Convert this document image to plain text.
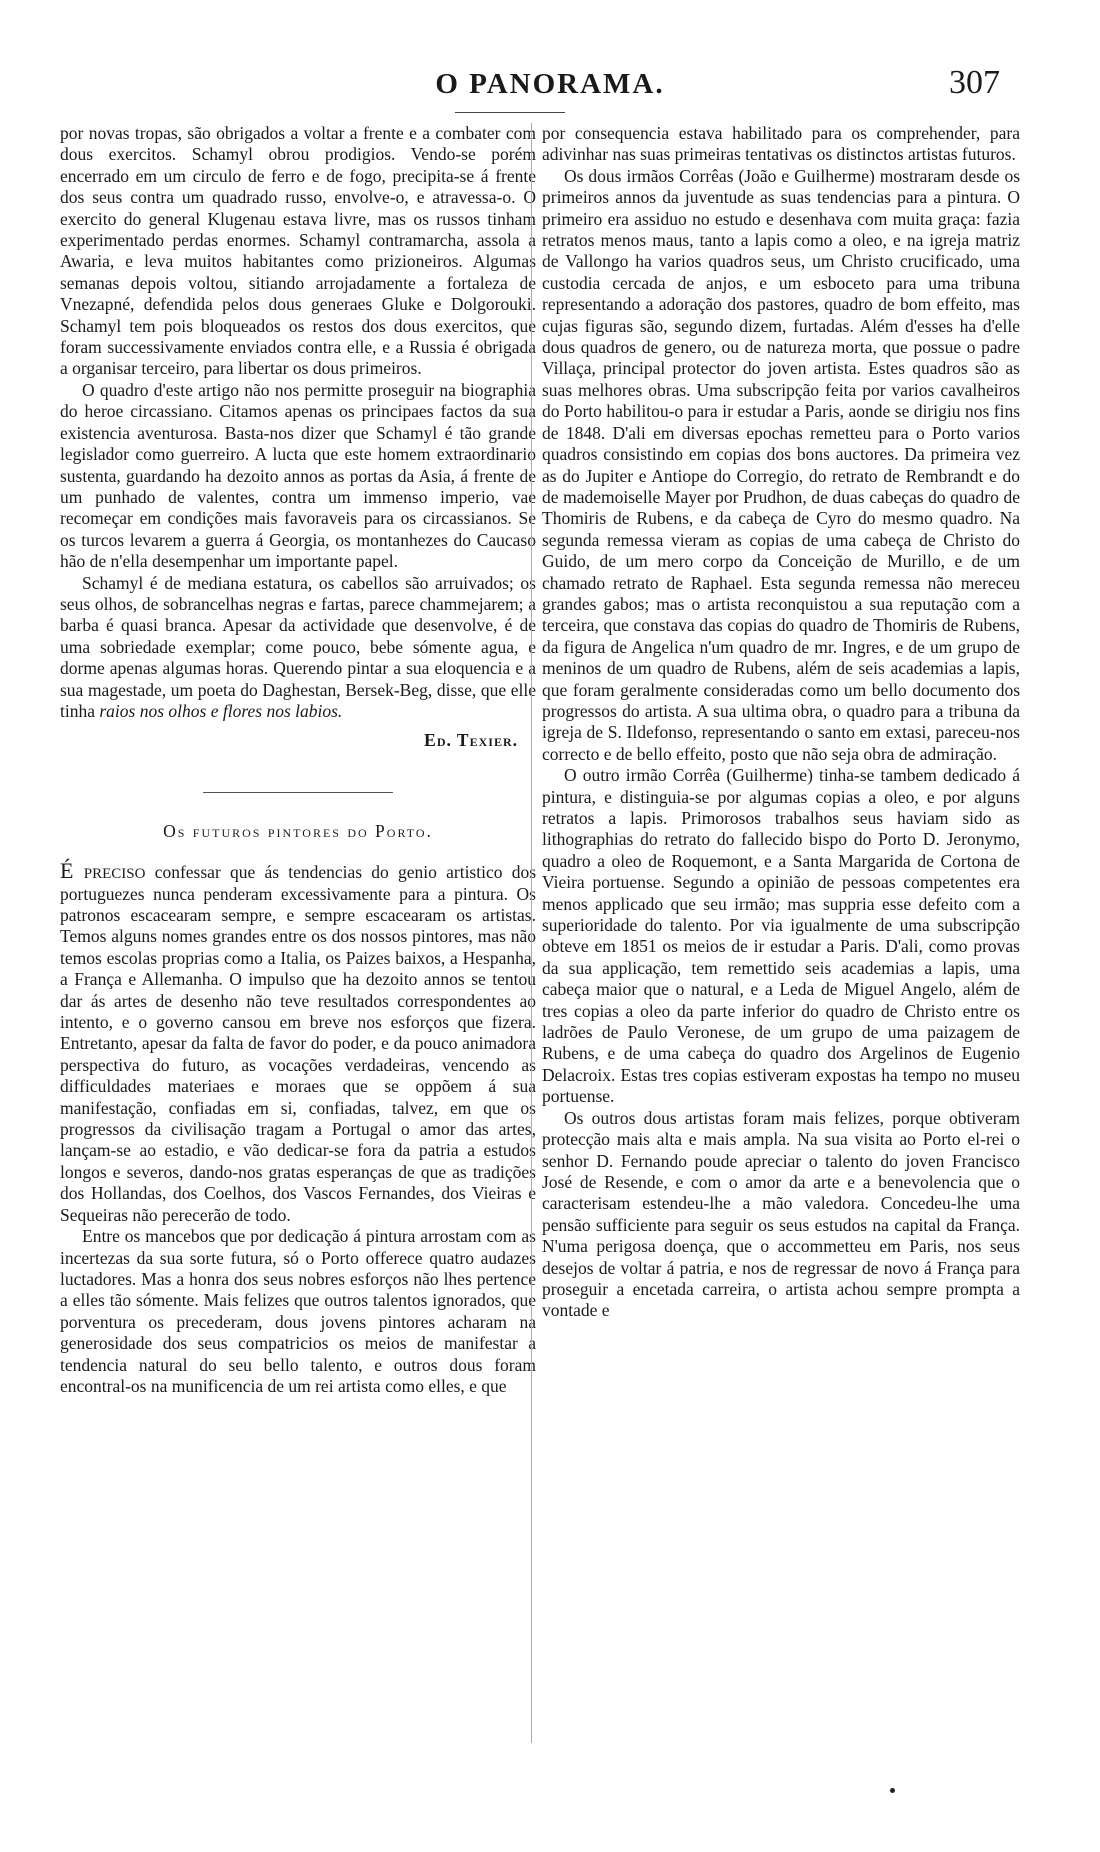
O PANORAMA.	307

por novas tropas, são obrigados a voltar a frente e a combater com dous exercitos. Schamyl obrou prodigios. Vendo-se porém encerrado em um circulo de ferro e de fogo, precipita-se á frente dos seus contra um quadrado russo, envolve-o, e atravessa-o. O exercito do general Klugenau estava livre, mas os russos tinham experimentado perdas enormes. Schamyl contramarcha, assola a Awaria, e leva muitos habitantes como prizioneiros. Algumas semanas depois voltou, sitiando arrojadamente a fortaleza de Vnezapné, defendida pelos dous generaes Gluke e Dolgorouki. Schamyl tem pois bloqueados os restos dos dous exercitos, que foram successivamente enviados contra elle, e a Russia é obrigada a organisar terceiro, para libertar os dous primeiros.

O quadro d'este artigo não nos permitte proseguir na biographia do heroe circassiano. Citamos apenas os principaes factos da sua existencia aventurosa. Basta-nos dizer que Schamyl é tão grande legislador como guerreiro. A lucta que este homem extraordinario sustenta, guardando ha dezoito annos as portas da Asia, á frente de um punhado de valentes, contra um immenso imperio, vae recomeçar em condições mais favoraveis para os circassianos. Se os turcos levarem a guerra á Georgia, os montanhezes do Caucaso hão de n'ella desempenhar um importante papel.

Schamyl é de mediana estatura, os cabellos são arruivados; os seus olhos, de sobrancelhas negras e fartas, parece chammejarem; a barba é quasi branca. Apesar da actividade que desenvolve, é de uma sobriedade exemplar; come pouco, bebe sómente agua, e dorme apenas algumas horas. Querendo pintar a sua eloquencia e a sua magestade, um poeta do Daghestan, Bersek-Beg, disse, que elle tinha raios nos olhos e flores nos labios.

Ed. Texier.
Os futuros pintores do Porto.

É preciso confessar que ás tendencias do genio artistico dos portuguezes nunca penderam excessivamente para a pintura. Os patronos escacearam sempre, e sempre escacearam os artistas. Temos alguns nomes grandes entre os dos nossos pintores, mas não temos escolas proprias como a Italia, os Paizes baixos, a Hespanha, a França e Allemanha. O impulso que ha dezoito annos se tentou dar ás artes de desenho não teve resultados correspondentes ao intento, e o governo cansou em breve nos esforços que fizera. Entretanto, apesar da falta de favor do poder, e da pouco animadora perspectiva do futuro, as vocações verdadeiras, vencendo as difficuldades materiaes e moraes que se oppõem á sua manifestação, confiadas em si, confiadas, talvez, em que os progressos da civilisação tragam a Portugal o amor das artes, lançam-se ao estadio, e vão dedicar-se fora da patria a estudos longos e severos, dando-nos gratas esperanças de que as tradições dos Hollandas, dos Coelhos, dos Vascos Fernandes, dos Vieiras e Sequeiras não perecerão de todo.

Entre os mancebos que por dedicação á pintura arrostam com as incertezas da sua sorte futura, só o Porto offerece quatro audazes luctadores. Mas a honra dos seus nobres esforços não lhes pertence a elles tão sómente. Mais felizes que outros talentos ignorados, que porventura os precederam, dous jovens pintores acharam na generosidade dos seus compatricios os meios de manifestar a tendencia natural do seu bello talento, e outros dous foram encontral-os na munificencia de um rei artista como elles, e que

por consequencia estava habilitado para os comprehender, para adivinhar nas suas primeiras tentativas os distinctos artistas futuros.

Os dous irmãos Corrêas (João e Guilherme) mostraram desde os primeiros annos da juventude as suas tendencias para a pintura. O primeiro era assiduo no estudo e desenhava com muita graça: fazia retratos menos maus, tanto a lapis como a oleo, e na igreja matriz de Vallongo ha varios quadros seus, um Christo crucificado, uma custodia cercada de anjos, e um esboceto para uma tribuna representando a adoração dos pastores, quadro de bom effeito, mas cujas figuras são, segundo dizem, furtadas. Além d'esses ha d'elle dous quadros de genero, ou de natureza morta, que possue o padre Villaça, principal protector do joven artista. Estes quadros são as suas melhores obras. Uma subscripção feita por varios cavalheiros do Porto habilitou-o para ir estudar a Paris, aonde se dirigiu nos fins de 1848. D'ali em diversas epochas remetteu para o Porto varios quadros consistindo em copias dos bons auctores. Da primeira vez as do Jupiter e Antiope do Corregio, do retrato de Rembrandt e do de mademoiselle Mayer por Prudhon, de duas cabeças do quadro de Thomiris de Rubens, e da cabeça de Cyro do mesmo quadro. Na segunda remessa vieram as copias de uma cabeça de Christo do Guido, de um mero corpo da Conceição de Murillo, e de um chamado retrato de Raphael. Esta segunda remessa não mereceu grandes gabos; mas o artista reconquistou a sua reputação com a terceira, que constava das copias do quadro de Thomiris de Rubens, da figura de Angelica n'um quadro de mr. Ingres, e de um grupo de meninos de um quadro de Rubens, além de seis academias a lapis, que foram geralmente consideradas como um bello documento dos progressos do artista. A sua ultima obra, o quadro para a tribuna da igreja de S. Ildefonso, representando o santo em extasi, pareceu-nos correcto e de bello effeito, posto que não seja obra de admiração.

O outro irmão Corrêa (Guilherme) tinha-se tambem dedicado á pintura, e distinguia-se por algumas copias a oleo, e por alguns retratos a lapis. Primorosos trabalhos seus haviam sido as lithographias do retrato do fallecido bispo do Porto D. Jeronymo, quadro a oleo de Roquemont, e a Santa Margarida de Cortona de Vieira portuense. Segundo a opinião de pessoas competentes era menos applicado que seu irmão; mas suppria esse defeito com a superioridade do talento. Por via igualmente de uma subscripção obteve em 1851 os meios de ir estudar a Paris. D'ali, como provas da sua applicação, tem remettido seis academias a lapis, uma cabeça maior que o natural, e a Leda de Miguel Angelo, além de tres copias a oleo da parte inferior do quadro de Christo entre os ladrões de Paulo Veronese, de um grupo de uma paizagem de Rubens, e de uma cabeça do quadro dos Argelinos de Eugenio Delacroix. Estas tres copias estiveram expostas ha tempo no museu portuense.

Os outros dous artistas foram mais felizes, porque obtiveram protecção mais alta e mais ampla. Na sua visita ao Porto el-rei o senhor D. Fernando poude apreciar o talento do joven Francisco José de Resende, e com o amor da arte e a benevolencia que o caracterisam estendeu-lhe a mão valedora. Concedeu-lhe uma pensão sufficiente para seguir os seus estudos na capital da França. N'uma perigosa doença, que o accommetteu em Paris, nos seus desejos de voltar á patria, e nos de regressar de novo á França para proseguir a encetada carreira, o artista achou sempre prompta a vontade e
